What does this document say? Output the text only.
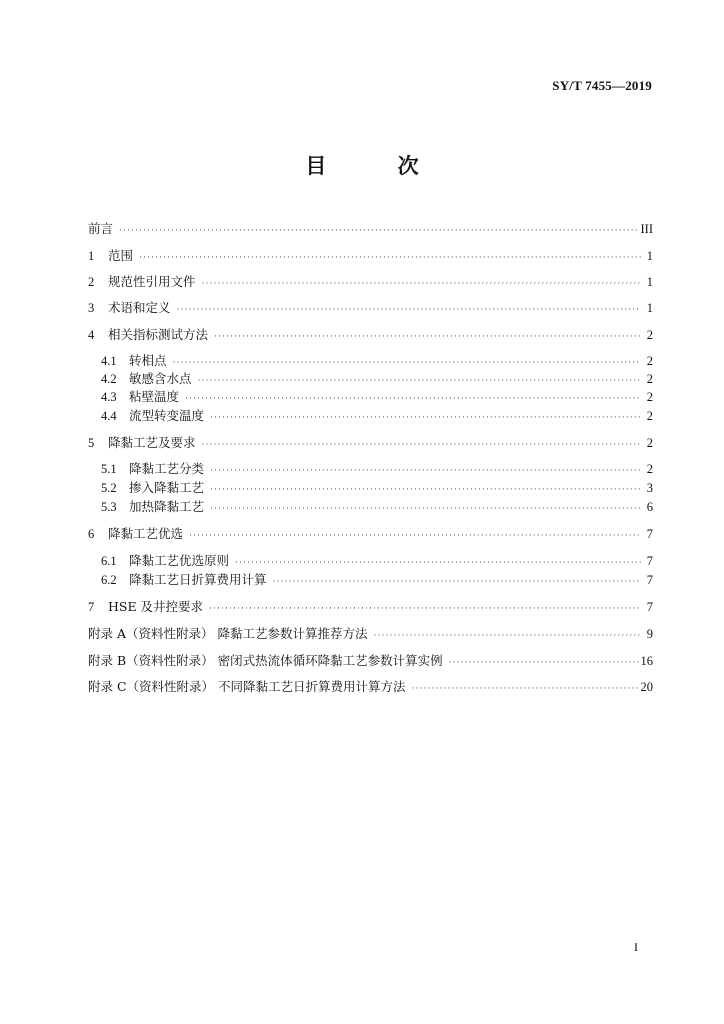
SY/T 7455—2019
目 次
前言 ·····	III
1	范围 ·····	1
2	规范性引用文件 ·····	1
3	术语和定义 ·····	1
4	相关指标测试方法 ·····	2
4.1 转相点 ·····	2
4.2 敏感含水点 ·····	2
4.3 粘壁温度 ·····	2
4.4 流型转变温度 ·····	2
5	降黏工艺及要求 ·····	2
5.1 降黏工艺分类 ·····	2
5.2 掺入降黏工艺 ·····	3
5.3 加热降黏工艺 ·····	6
6	降黏工艺优选 ·····	7
6.1 降黏工艺优选原则 ·····	7
6.2 降黏工艺日折算费用计算 ·····	7
7	HSE 及井控要求 ·····	7
附录 A（资料性附录） 降黏工艺参数计算推荐方法 ·····	9
附录 B（资料性附录） 密闭式热流体循环降黏工艺参数计算实例 ·····	16
附录 C（资料性附录） 不同降黏工艺日折算费用计算方法 ·····	20
I
